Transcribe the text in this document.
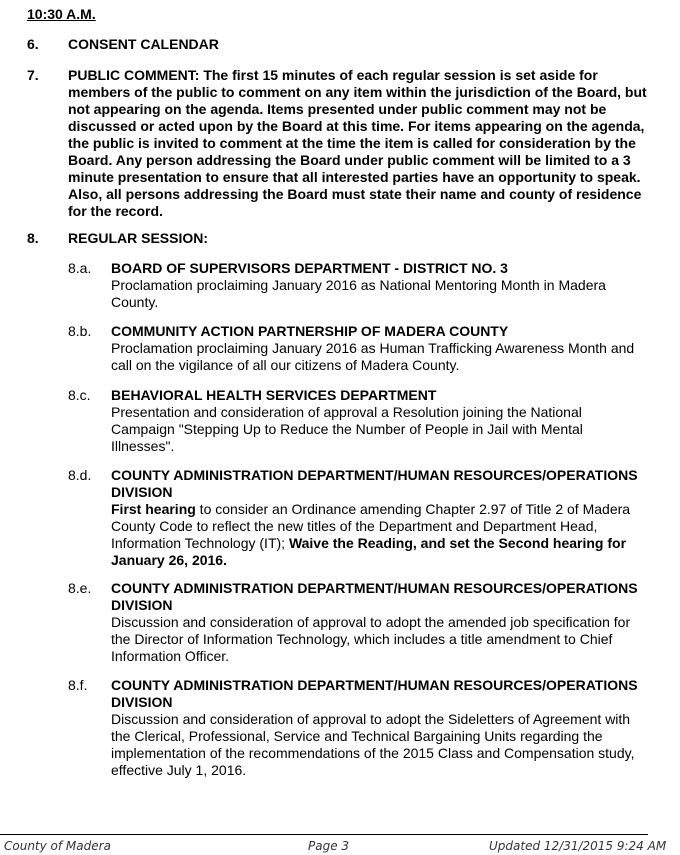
10:30 A.M.
6. CONSENT CALENDAR
7. PUBLIC COMMENT: The first 15 minutes of each regular session is set aside for members of the public to comment on any item within the jurisdiction of the Board, but not appearing on the agenda. Items presented under public comment may not be discussed or acted upon by the Board at this time. For items appearing on the agenda, the public is invited to comment at the time the item is called for consideration by the Board. Any person addressing the Board under public comment will be limited to a 3 minute presentation to ensure that all interested parties have an opportunity to speak. Also, all persons addressing the Board must state their name and county of residence for the record.
8. REGULAR SESSION:
8.a. BOARD OF SUPERVISORS DEPARTMENT - DISTRICT NO. 3
Proclamation proclaiming January 2016 as National Mentoring Month in Madera County.
8.b. COMMUNITY ACTION PARTNERSHIP OF MADERA COUNTY
Proclamation proclaiming January 2016 as Human Trafficking Awareness Month and call on the vigilance of all our citizens of Madera County.
8.c. BEHAVIORAL HEALTH SERVICES DEPARTMENT
Presentation and consideration of approval a Resolution joining the National Campaign "Stepping Up to Reduce the Number of People in Jail with Mental Illnesses".
8.d. COUNTY ADMINISTRATION DEPARTMENT/HUMAN RESOURCES/OPERATIONS DIVISION
First hearing to consider an Ordinance amending Chapter 2.97 of Title 2 of Madera County Code to reflect the new titles of the Department and Department Head, Information Technology (IT); Waive the Reading, and set the Second hearing for January 26, 2016.
8.e. COUNTY ADMINISTRATION DEPARTMENT/HUMAN RESOURCES/OPERATIONS DIVISION
Discussion and consideration of approval to adopt the amended job specification for the Director of Information Technology, which includes a title amendment to Chief Information Officer.
8.f. COUNTY ADMINISTRATION DEPARTMENT/HUMAN RESOURCES/OPERATIONS DIVISION
Discussion and consideration of approval to adopt the Sideletters of Agreement with the Clerical, Professional, Service and Technical Bargaining Units regarding the implementation of the recommendations of the 2015 Class and Compensation study, effective July 1, 2016.
County of Madera	Page 3	Updated 12/31/2015 9:24 AM
